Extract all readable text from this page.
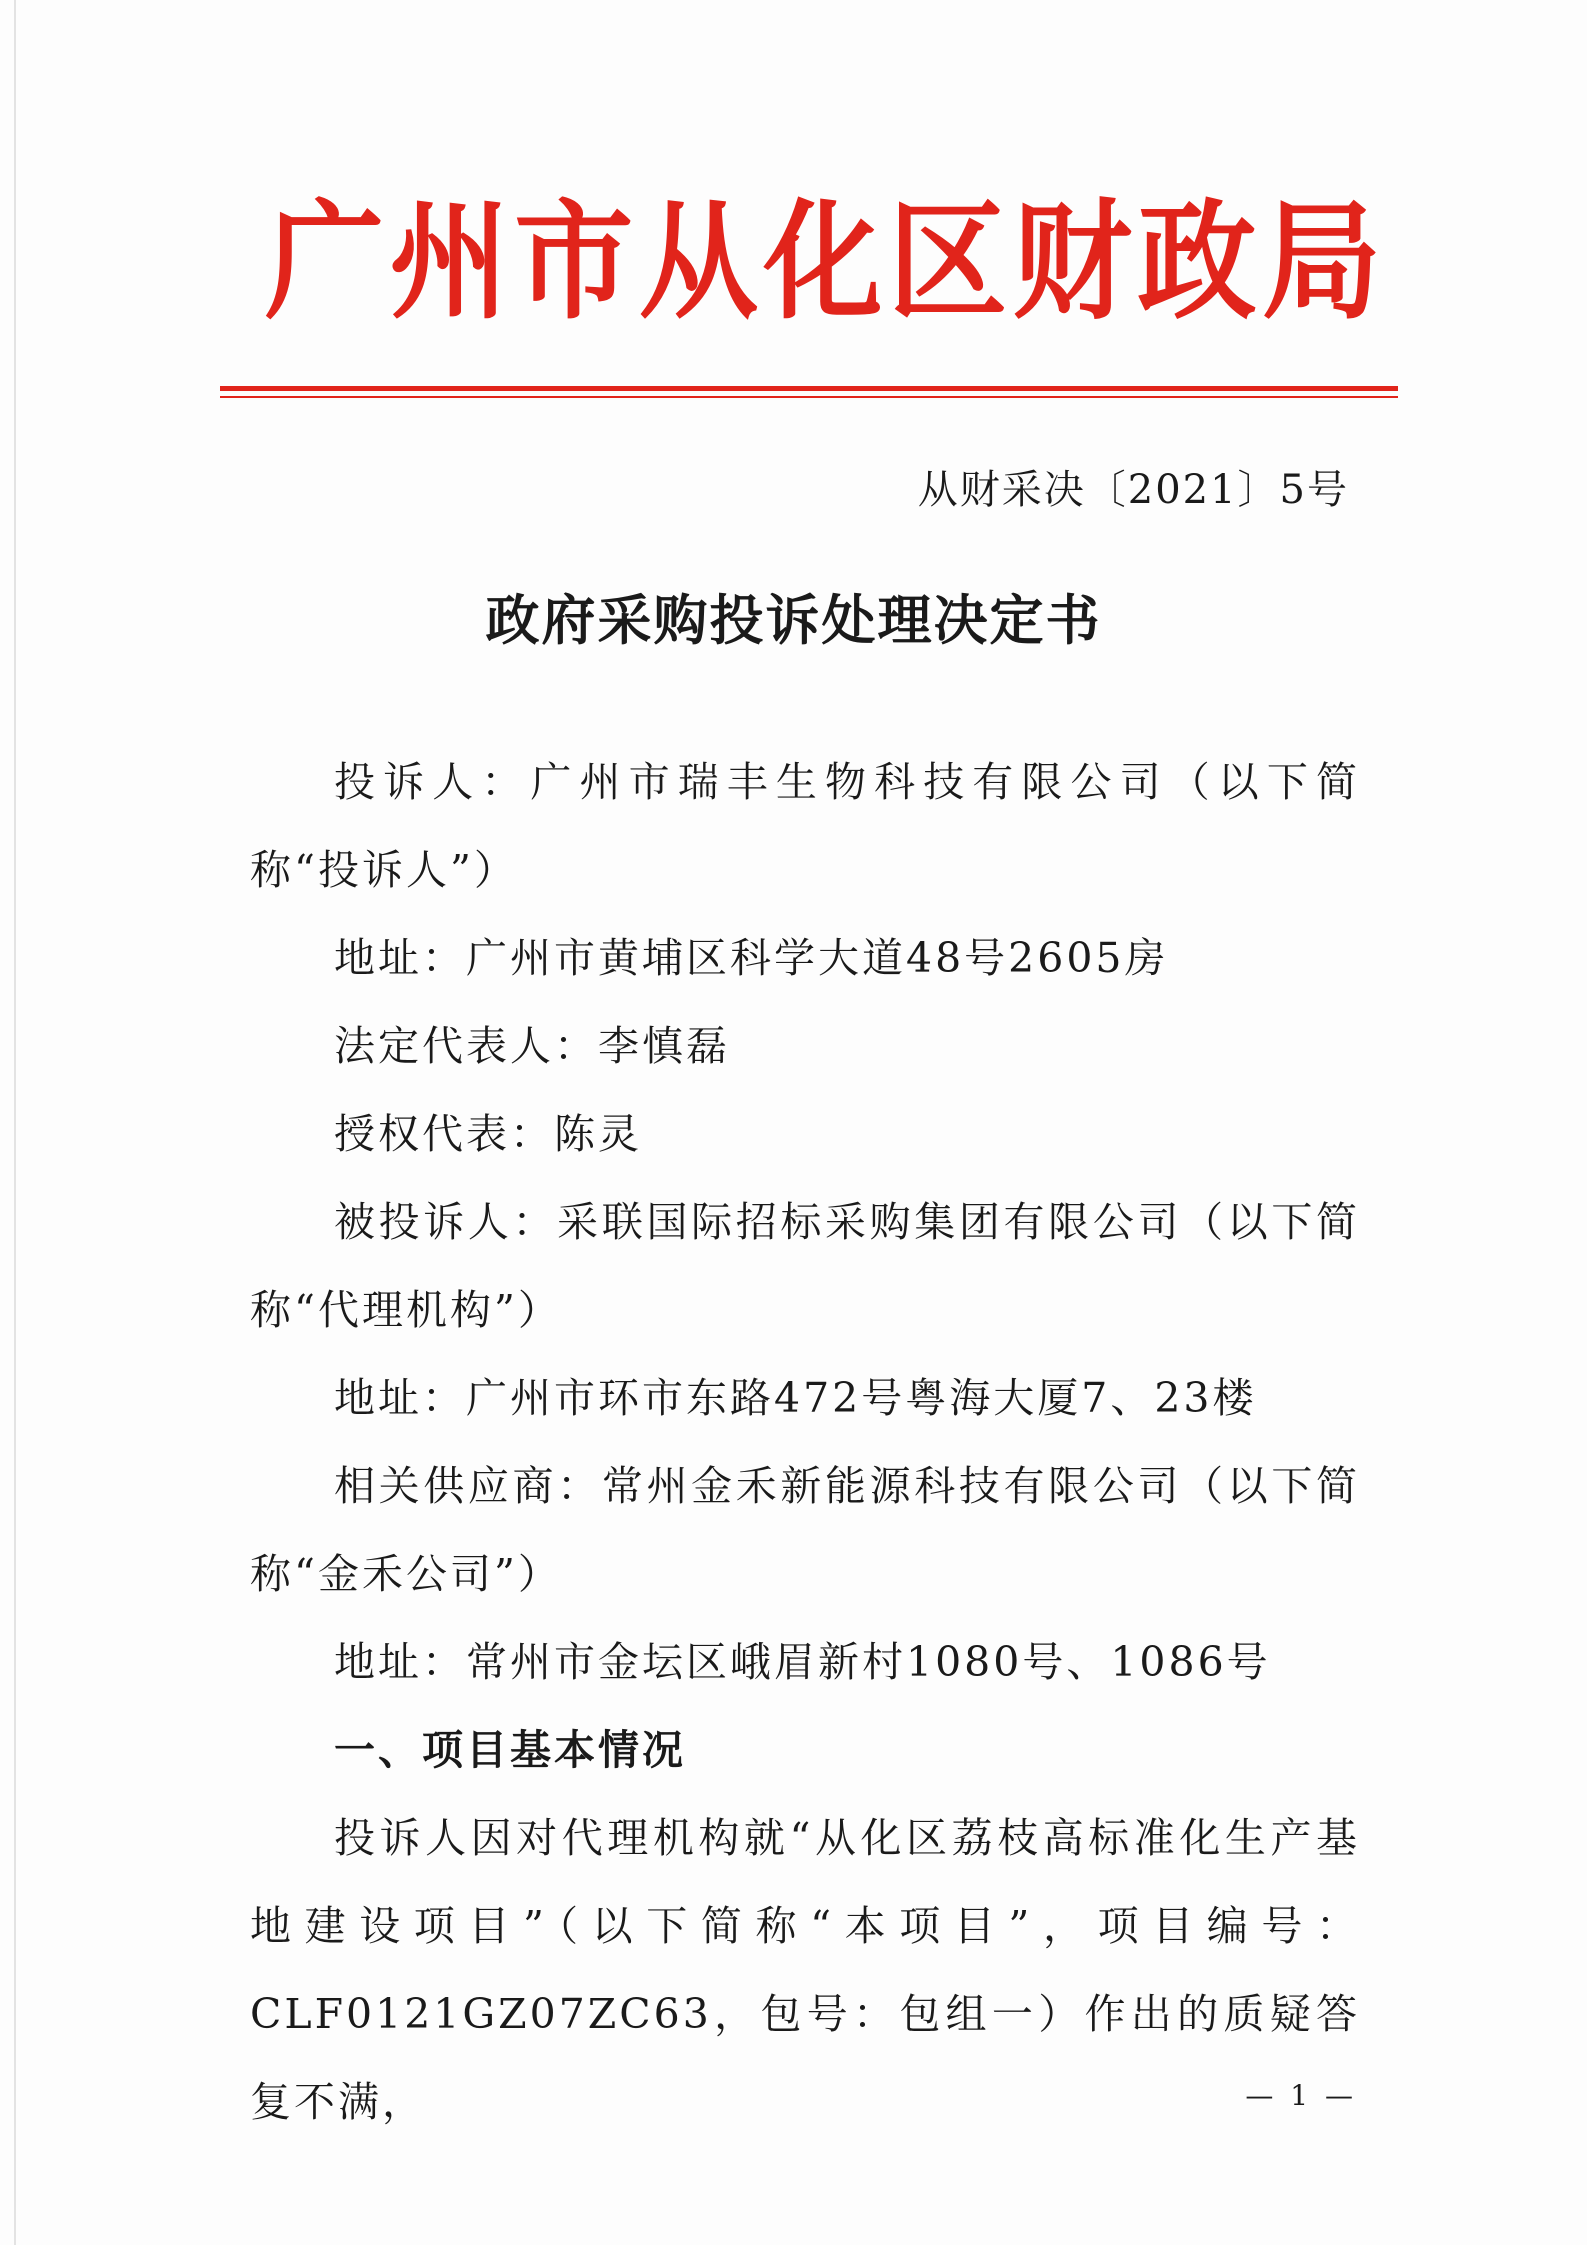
广州市从化区财政局
从财采决〔2021〕5号
政府采购投诉处理决定书

投诉人：广州市瑞丰生物科技有限公司（以下简称“投诉人”）

地址：广州市黄埔区科学大道48号2605房

法定代表人：李慎磊

授权代表：陈灵

被投诉人：采联国际招标采购集团有限公司（以下简称“代理机构”）

地址：广州市环市东路472号粤海大厦7、23楼

相关供应商：常州金禾新能源科技有限公司（以下简称“金禾公司”）

地址：常州市金坛区峨眉新村1080号、1086号

一、项目基本情况

投诉人因对代理机构就“从化区荔枝高标准化生产基地建设项目”（以下简称“本项目”，项目编号：CLF0121GZ07ZC63，包号：包组一）作出的质疑答复不满，	— 1 —
